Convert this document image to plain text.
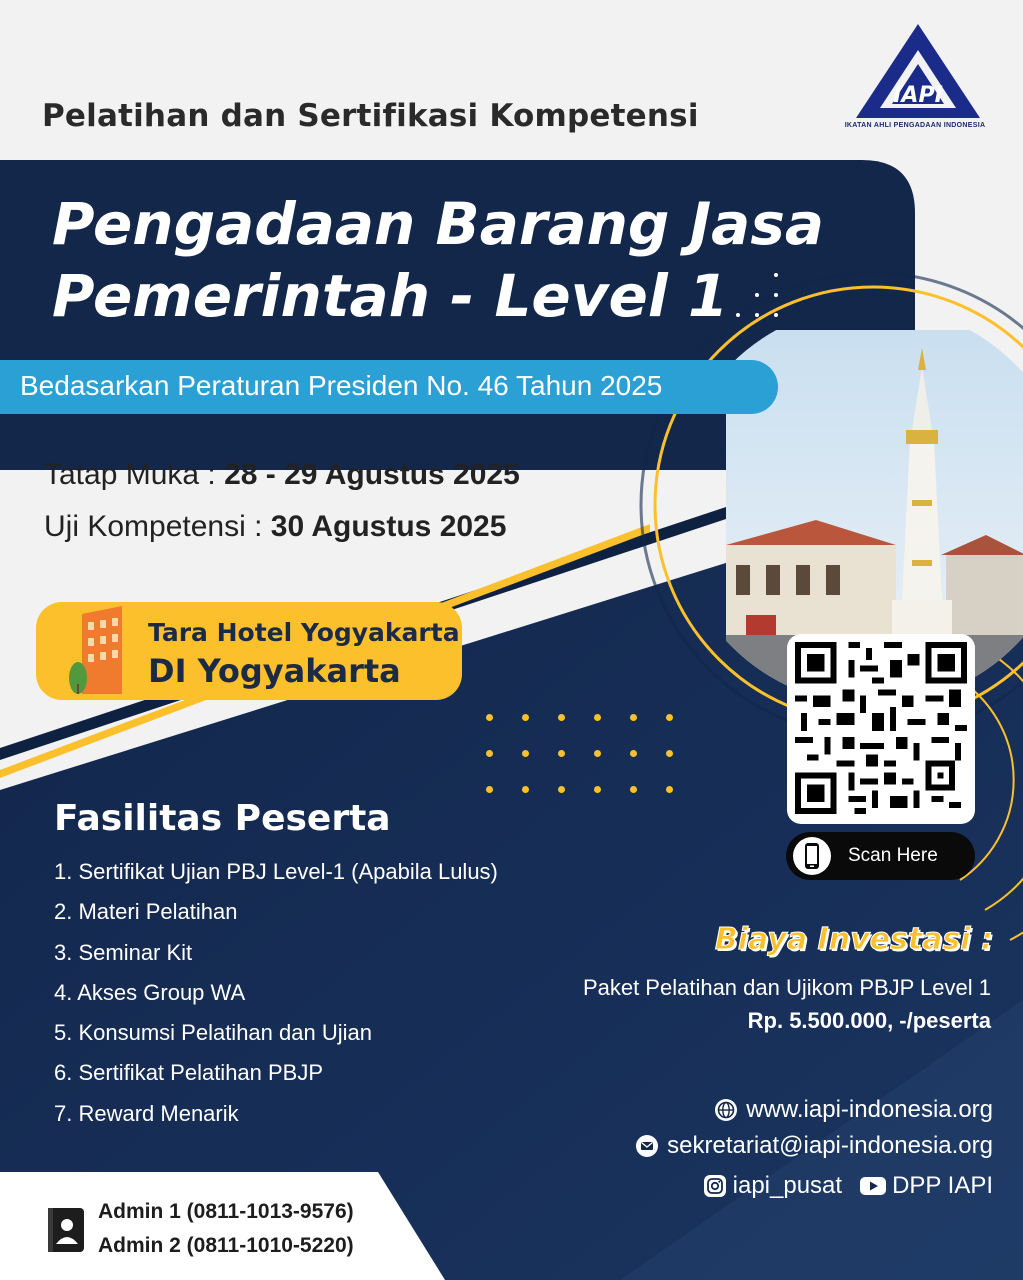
Pelatihan dan Sertifikasi Kompetensi
IAPI
IKATAN AHLI PENGADAAN INDONESIA
Pengadaan Barang Jasa
Pemerintah - Level 1
Bedasarkan Peraturan Presiden No. 46 Tahun 2025
Tatap Muka : 28 - 29 Agustus 2025
Uji Kompetensi : 30 Agustus 2025
Tara Hotel Yogyakarta
DI Yogyakarta
Scan Here
Fasilitas Peserta
1. Sertifikat Ujian PBJ Level-1 (Apabila Lulus)
2. Materi Pelatihan
3. Seminar Kit
4. Akses Group WA
5. Konsumsi Pelatihan dan Ujian
6. Sertifikat Pelatihan PBJP
7. Reward Menarik
Biaya Investasi :
Paket Pelatihan dan Ujikom PBJP Level 1
Rp. 5.500.000, -/peserta
www.iapi-indonesia.org
sekretariat@iapi-indonesia.org
iapi_pusat DPP IAPI
Admin 1 (0811-1013-9576)
Admin 2 (0811-1010-5220)
